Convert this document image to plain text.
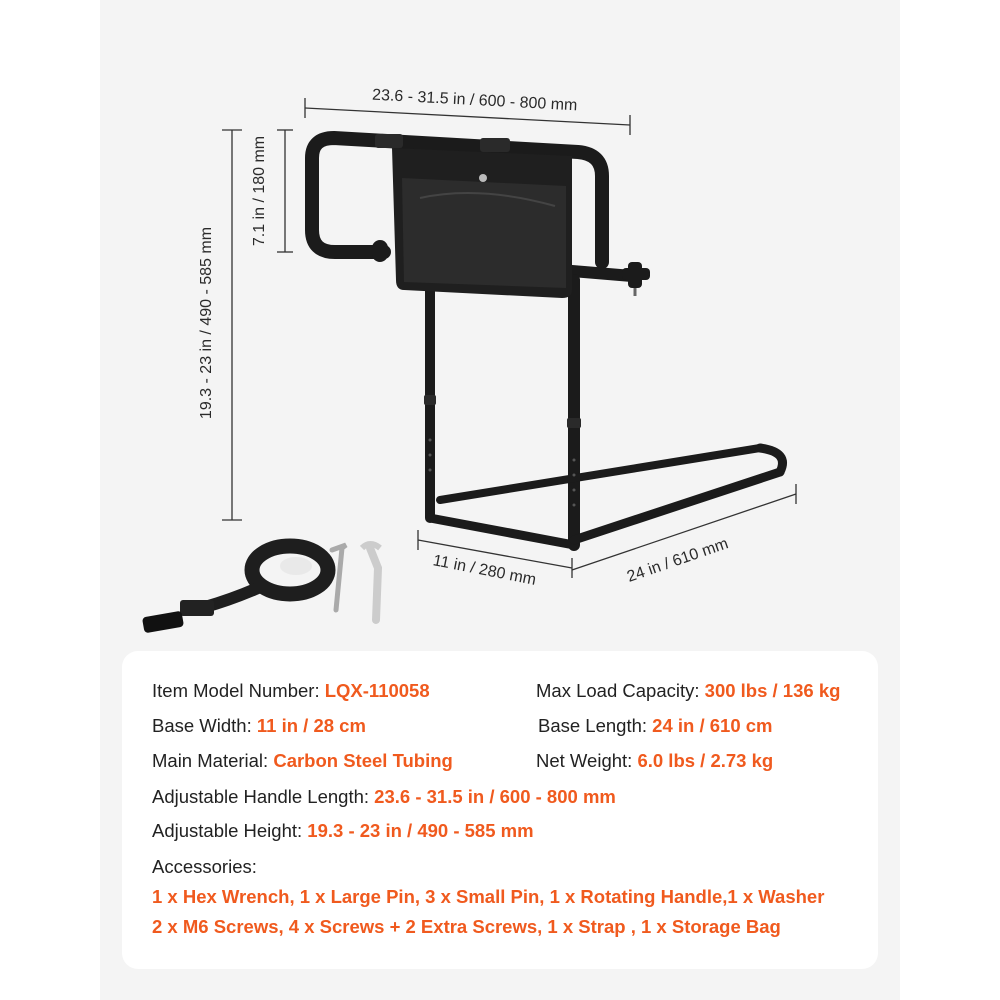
23.6 - 31.5 in / 600 - 800 mm
7.1 in / 180 mm
19.3 - 23 in / 490 - 585 mm
11 in / 280 mm	24 in / 610 mm
Item Model Number: LQX-110058	Max Load Capacity: 300 lbs / 136 kg
Base Width: 11 in / 28 cm	Base Length: 24 in / 610 cm
Main Material: Carbon Steel Tubing	Net Weight: 6.0 lbs / 2.73 kg
Adjustable Handle Length: 23.6 - 31.5 in / 600 - 800 mm
Adjustable Height: 19.3 - 23 in / 490 - 585 mm
Accessories:
1 x Hex Wrench, 1 x Large Pin, 3 x Small Pin, 1 x Rotating Handle,1 x Washer
2 x M6 Screws, 4 x Screws + 2 Extra Screws, 1 x Strap , 1 x Storage Bag
